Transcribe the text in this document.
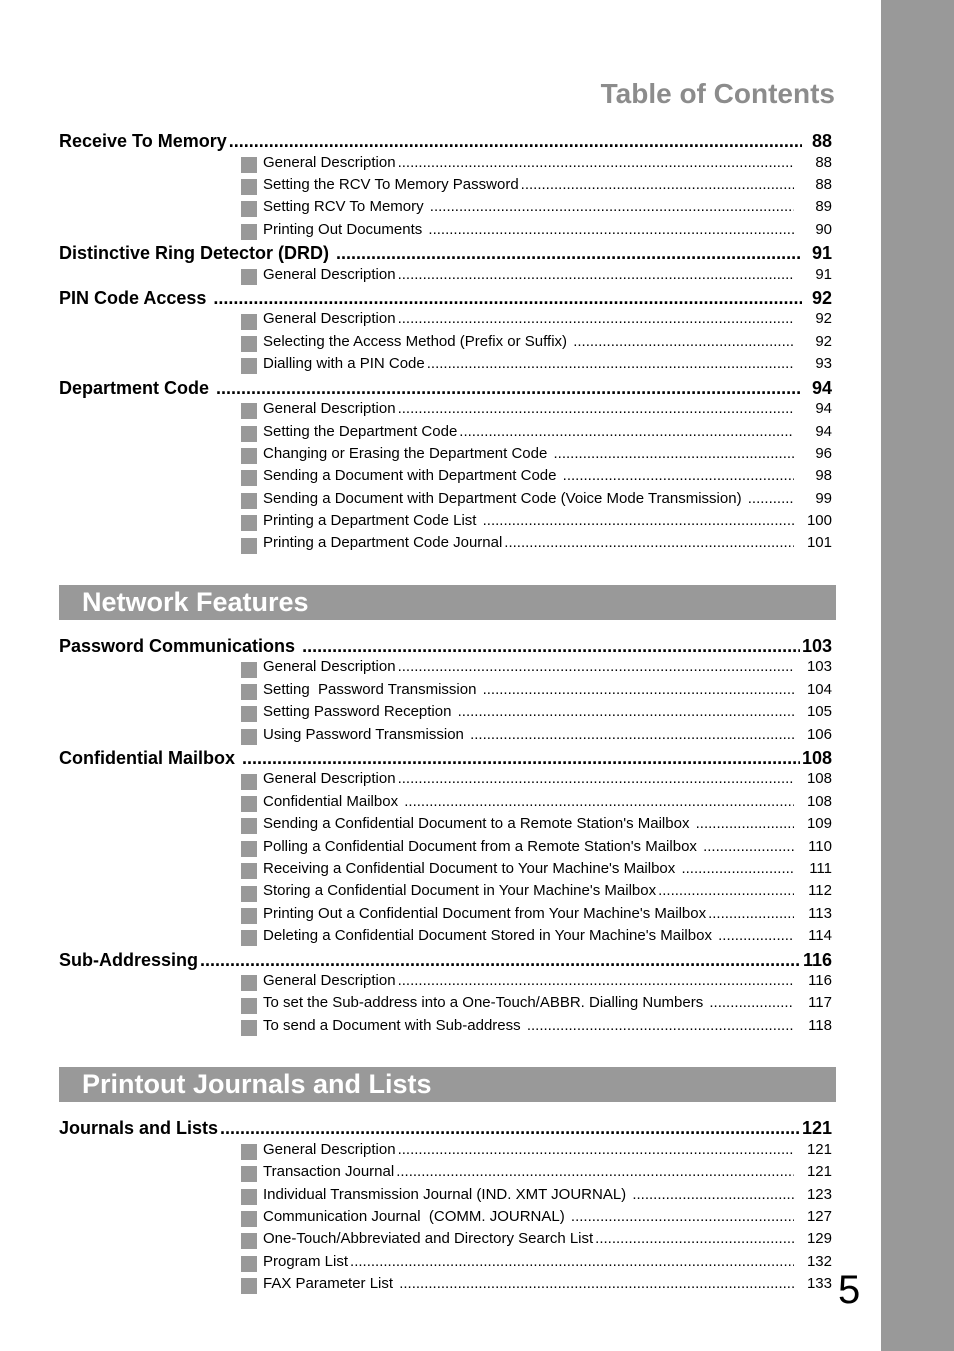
Table of Contents
Receive To Memory .....	88
General Description .....	88
Setting the RCV To Memory Password .....	88
Setting RCV To Memory .....	89
Printing Out Documents .....	90
Distinctive Ring Detector (DRD) .....	91
General Description .....	91
PIN Code Access .....	92
General Description .....	92
Selecting the Access Method (Prefix or Suffix) .....	92
Dialling with a PIN Code .....	93
Department Code .....	94
General Description .....	94
Setting the Department Code .....	94
Changing or Erasing the Department Code .....	96
Sending a Document with Department Code .....	98
Sending a Document with Department Code (Voice Mode Transmission) .....	99
Printing a Department Code List .....	100
Printing a Department Code Journal .....	101
Network Features
Password Communications .....	103
General Description .....	103
Setting  Password Transmission .....	104
Setting Password Reception .....	105
Using Password Transmission .....	106
Confidential Mailbox .....	108
General Description .....	108
Confidential Mailbox .....	108
Sending a Confidential Document to a Remote Station's Mailbox .....	109
Polling a Confidential Document from a Remote Station's Mailbox .....	110
Receiving a Confidential Document to Your Machine's Mailbox .....	111
Storing a Confidential Document in Your Machine's Mailbox .....	112
Printing Out a Confidential Document from Your Machine's Mailbox .....	113
Deleting a Confidential Document Stored in Your Machine's Mailbox .....	114
Sub-Addressing .....	116
General Description .....	116
To set the Sub-address into a One-Touch/ABBR. Dialling Numbers .....	117
To send a Document with Sub-address .....	118
Printout Journals and Lists
Journals and Lists .....	121
General Description .....	121
Transaction Journal .....	121
Individual Transmission Journal (IND. XMT JOURNAL) .....	123
Communication Journal  (COMM. JOURNAL) .....	127
One-Touch/Abbreviated and Directory Search List .....	129
Program List .....	132
FAX Parameter List .....	133 5
